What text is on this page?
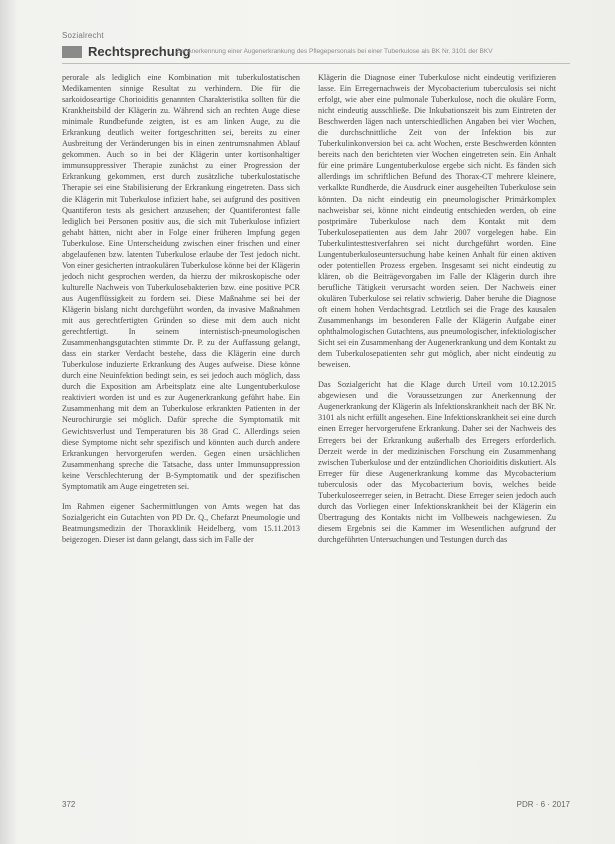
Sozialrecht
Rechtsprechung
Zur Anerkennung einer Augenerkrankung des Pflegepersonals bei einer Tuberkulose als BK Nr. 3101 der BKV

perorale als lediglich eine Kombination mit tuberkulostatischen Medikamenten sinnige Resultat zu verhindern. Die für die sarkoidoseartige Chorioiditis genannten Charakteristika sollten für die Krankheitsbild der Klägerin zu. Während sich an rechten Auge diese minimale Rundbefunde zeigten, ist es am linken Auge, zu die Erkrankung deutlich weiter fortgeschritten sei, bereits zu einer Ausbreitung der Veränderungen bis in einen zentrumsnahmen Ablauf gekommen. Auch so in bei der Klägerin unter kortisonhaltiger immunsuppressiver Therapie zunächst zu einer Progression der Erkrankung gekommen, erst durch zusätzliche tuberkulostatische Therapie sei eine Stabilisierung der Erkrankung eingetreten. Dass sich die Klägerin mit Tuberkulose infiziert habe, sei aufgrund des positiven Quantiferon tests als gesichert anzusehen; der Quantiferontest falle lediglich bei Personen positiv aus, die sich mit Tuberkulose infiziert gehabt hätten, nicht aber in Folge einer früheren Impfung gegen Tuberkulose. Eine Unterscheidung zwischen einer frischen und einer abgelaufenen bzw. latenten Tuberkulose erlaube der Test jedoch nicht. Von einer gesicherten intraokulären Tuberkulose könne bei der Klägerin jedoch nicht gesprochen werden, da hierzu der mikroskopische oder kulturelle Nachweis von Tuberkulosebakterien bzw. eine positive PCR aus Augenflüssigkeit zu fordern sei. Diese Maßnahme sei bei der Klägerin bislang nicht durchgeführt worden, da invasive Maßnahmen mit aus gerechtfertigten Gründen so diese mit dem auch nicht gerechtfertigt. In seinem internistisch-pneumologischen Zusammenhangsgutachten stimmte Dr. P. zu der Auffassung gelangt, dass ein starker Verdacht bestehe, dass die Klägerin eine durch Tuberkulose induzierte Erkrankung des Auges aufweise. Diese könne durch eine Neuinfektion bedingt sein, es sei jedoch auch möglich, dass durch die Exposition am Arbeitsplatz eine alte Lungentuberkulose reaktiviert worden ist und es zur Augenerkrankung geführt habe. Ein Zusammenhang mit dem an Tuberkulose erkrankten Patienten in der Neurochirurgie sei möglich. Dafür spreche die Symptomatik mit Gewichtsverlust und Temperaturen bis 38 Grad C. Allerdings seien diese Symptome nicht sehr spezifisch und könnten auch durch andere Erkrankungen hervorgerufen werden. Gegen einen ursächlichen Zusammenhang spreche die Tatsache, dass unter Immunsuppression keine Verschlechterung der B-Symptomatik und der spezifischen Symptomatik am Auge eingetreten sei.

Im Rahmen eigener Sachermittlungen von Amts wegen hat das Sozialgericht ein Gutachten von PD Dr. Q., Chefarzt Pneumologie und Beatmungsmedizin der Thoraxklinik Heidelberg, vom 15.11.2013 beigezogen. Dieser ist dann gelangt, dass sich im Falle der

Klägerin die Diagnose einer Tuberkulose nicht eindeutig verifizieren lasse. Ein Erregernachweis der Mycobacterium tuberculosis sei nicht erfolgt, wie aber eine pulmonale Tuberkulose, noch die okuläre Form, nicht eindeutig ausschließe. Die Inkubationszeit bis zum Eintreten der Beschwerden lägen nach unterschiedlichen Angaben bei vier Wochen, die durchschnittliche Zeit von der Infektion bis zur Tuberkulinkonversion bei ca. acht Wochen, erste Beschwerden könnten bereits nach den berichteten vier Wochen eingetreten sein. Ein Anhalt für eine primäre Lungentuberkulose ergebe sich nicht. Es fänden sich allerdings im schriftlichen Befund des Thorax-CT mehrere kleinere, verkalkte Rundherde, die Ausdruck einer ausgeheilten Tuberkulose sein könnten. Da nicht eindeutig ein pneumologischer Primärkomplex nachweisbar sei, könne nicht eindeutig entschieden werden, ob eine postprimäre Tuberkulose nach dem Kontakt mit dem Tuberkulosepatienten aus dem Jahr 2007 vorgelegen habe. Ein Tuberkulintesttestverfahren sei nicht durchgeführt worden. Eine Lungentuberkuloseuntersuchung habe keinen Anhalt für einen aktiven oder potentiellen Prozess ergeben. Insgesamt sei nicht eindeutig zu klären, ob die Beiträgevorgaben im Falle der Klägerin durch ihre berufliche Tätigkeit verursacht worden seien. Der Nachweis einer okulären Tuberkulose sei relativ schwierig. Daher beruhe die Diagnose oft einem hohen Verdachtsgrad. Letztlich sei die Frage des kausalen Zusammenhangs im besonderen Falle der Klägerin Aufgabe einer ophthalmologischen Gutachtens, aus pneumologischer, infektiologischer Sicht sei ein Zusammenhang der Augenerkrankung und dem Kontakt zu dem Tuberkulosepatienten sehr gut möglich, aber nicht eindeutig zu beweisen.

Das Sozialgericht hat die Klage durch Urteil vom 10.12.2015 abgewiesen und die Voraussetzungen zur Anerkennung der Augenerkrankung der Klägerin als Infektionskrankheit nach der BK Nr. 3101 als nicht erfüllt angesehen. Eine Infektionskrankheit sei eine durch einen Erreger hervorgerufene Erkrankung. Daher sei der Nachweis des Erregers bei der Erkrankung außerhalb des Erregers erforderlich. Derzeit werde in der medizinischen Forschung ein Zusammenhang zwischen Tuberkulose und der entzündlichen Chorioiditis diskutiert. Als Erreger für diese Augenerkrankung komme das Mycobacterium tuberculosis oder das Mycobacterium bovis, welches beide Tuberkuloseerreger seien, in Betracht. Diese Erreger seien jedoch auch durch das Vorliegen einer Infektionskrankheit bei der Klägerin ein Übertragung des Kontakts nicht im Vollbeweis nachgewiesen. Zu diesem Ergebnis sei die Kammer im Wesentlichen aufgrund der durchgeführten Untersuchungen und Testungen durch das

372	PDR · 6 · 2017
